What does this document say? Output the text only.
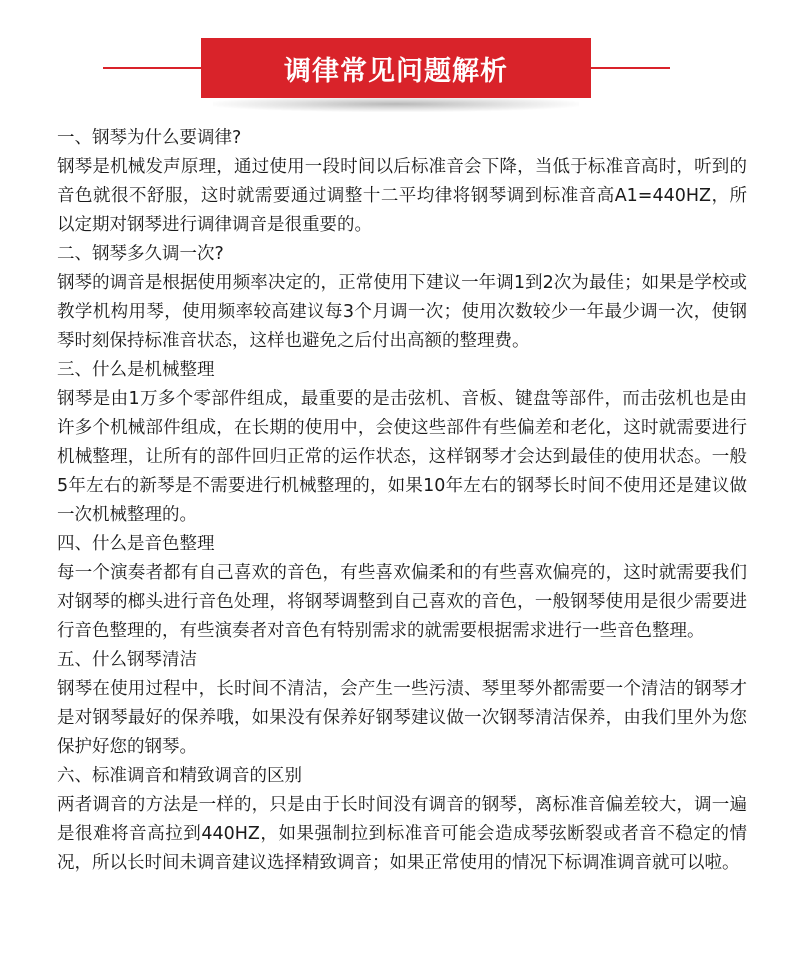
调律常见问题解析

一、钢琴为什么要调律?

钢琴是机械发声原理，通过使用一段时间以后标准音会下降，当低于标准音高时，听到的音色就很不舒服，这时就需要通过调整十二平均律将钢琴调到标准音高A1=440HZ，所以定期对钢琴进行调律调音是很重要的。

二、钢琴多久调一次?

钢琴的调音是根据使用频率决定的，正常使用下建议一年调1到2次为最佳；如果是学校或教学机构用琴，使用频率较高建议每3个月调一次；使用次数较少一年最少调一次，使钢琴时刻保持标准音状态，这样也避免之后付出高额的整理费。

三、什么是机械整理

钢琴是由1万多个零部件组成，最重要的是击弦机、音板、键盘等部件，而击弦机也是由许多个机械部件组成，在长期的使用中，会使这些部件有些偏差和老化，这时就需要进行机械整理，让所有的部件回归正常的运作状态，这样钢琴才会达到最佳的使用状态。一般5年左右的新琴是不需要进行机械整理的，如果10年左右的钢琴长时间不使用还是建议做一次机械整理的。

四、什么是音色整理

每一个演奏者都有自己喜欢的音色，有些喜欢偏柔和的有些喜欢偏亮的，这时就需要我们对钢琴的榔头进行音色处理，将钢琴调整到自己喜欢的音色，一般钢琴使用是很少需要进行音色整理的，有些演奏者对音色有特别需求的就需要根据需求进行一些音色整理。

五、什么钢琴清洁

钢琴在使用过程中，长时间不清洁，会产生一些污渍、琴里琴外都需要一个清洁的钢琴才是对钢琴最好的保养哦，如果没有保养好钢琴建议做一次钢琴清洁保养，由我们里外为您保护好您的钢琴。

六、标准调音和精致调音的区别

两者调音的方法是一样的，只是由于长时间没有调音的钢琴，离标准音偏差较大，调一遍是很难将音高拉到440HZ，如果强制拉到标准音可能会造成琴弦断裂或者音不稳定的情况，所以长时间未调音建议选择精致调音；如果正常使用的情况下标调准调音就可以啦。
